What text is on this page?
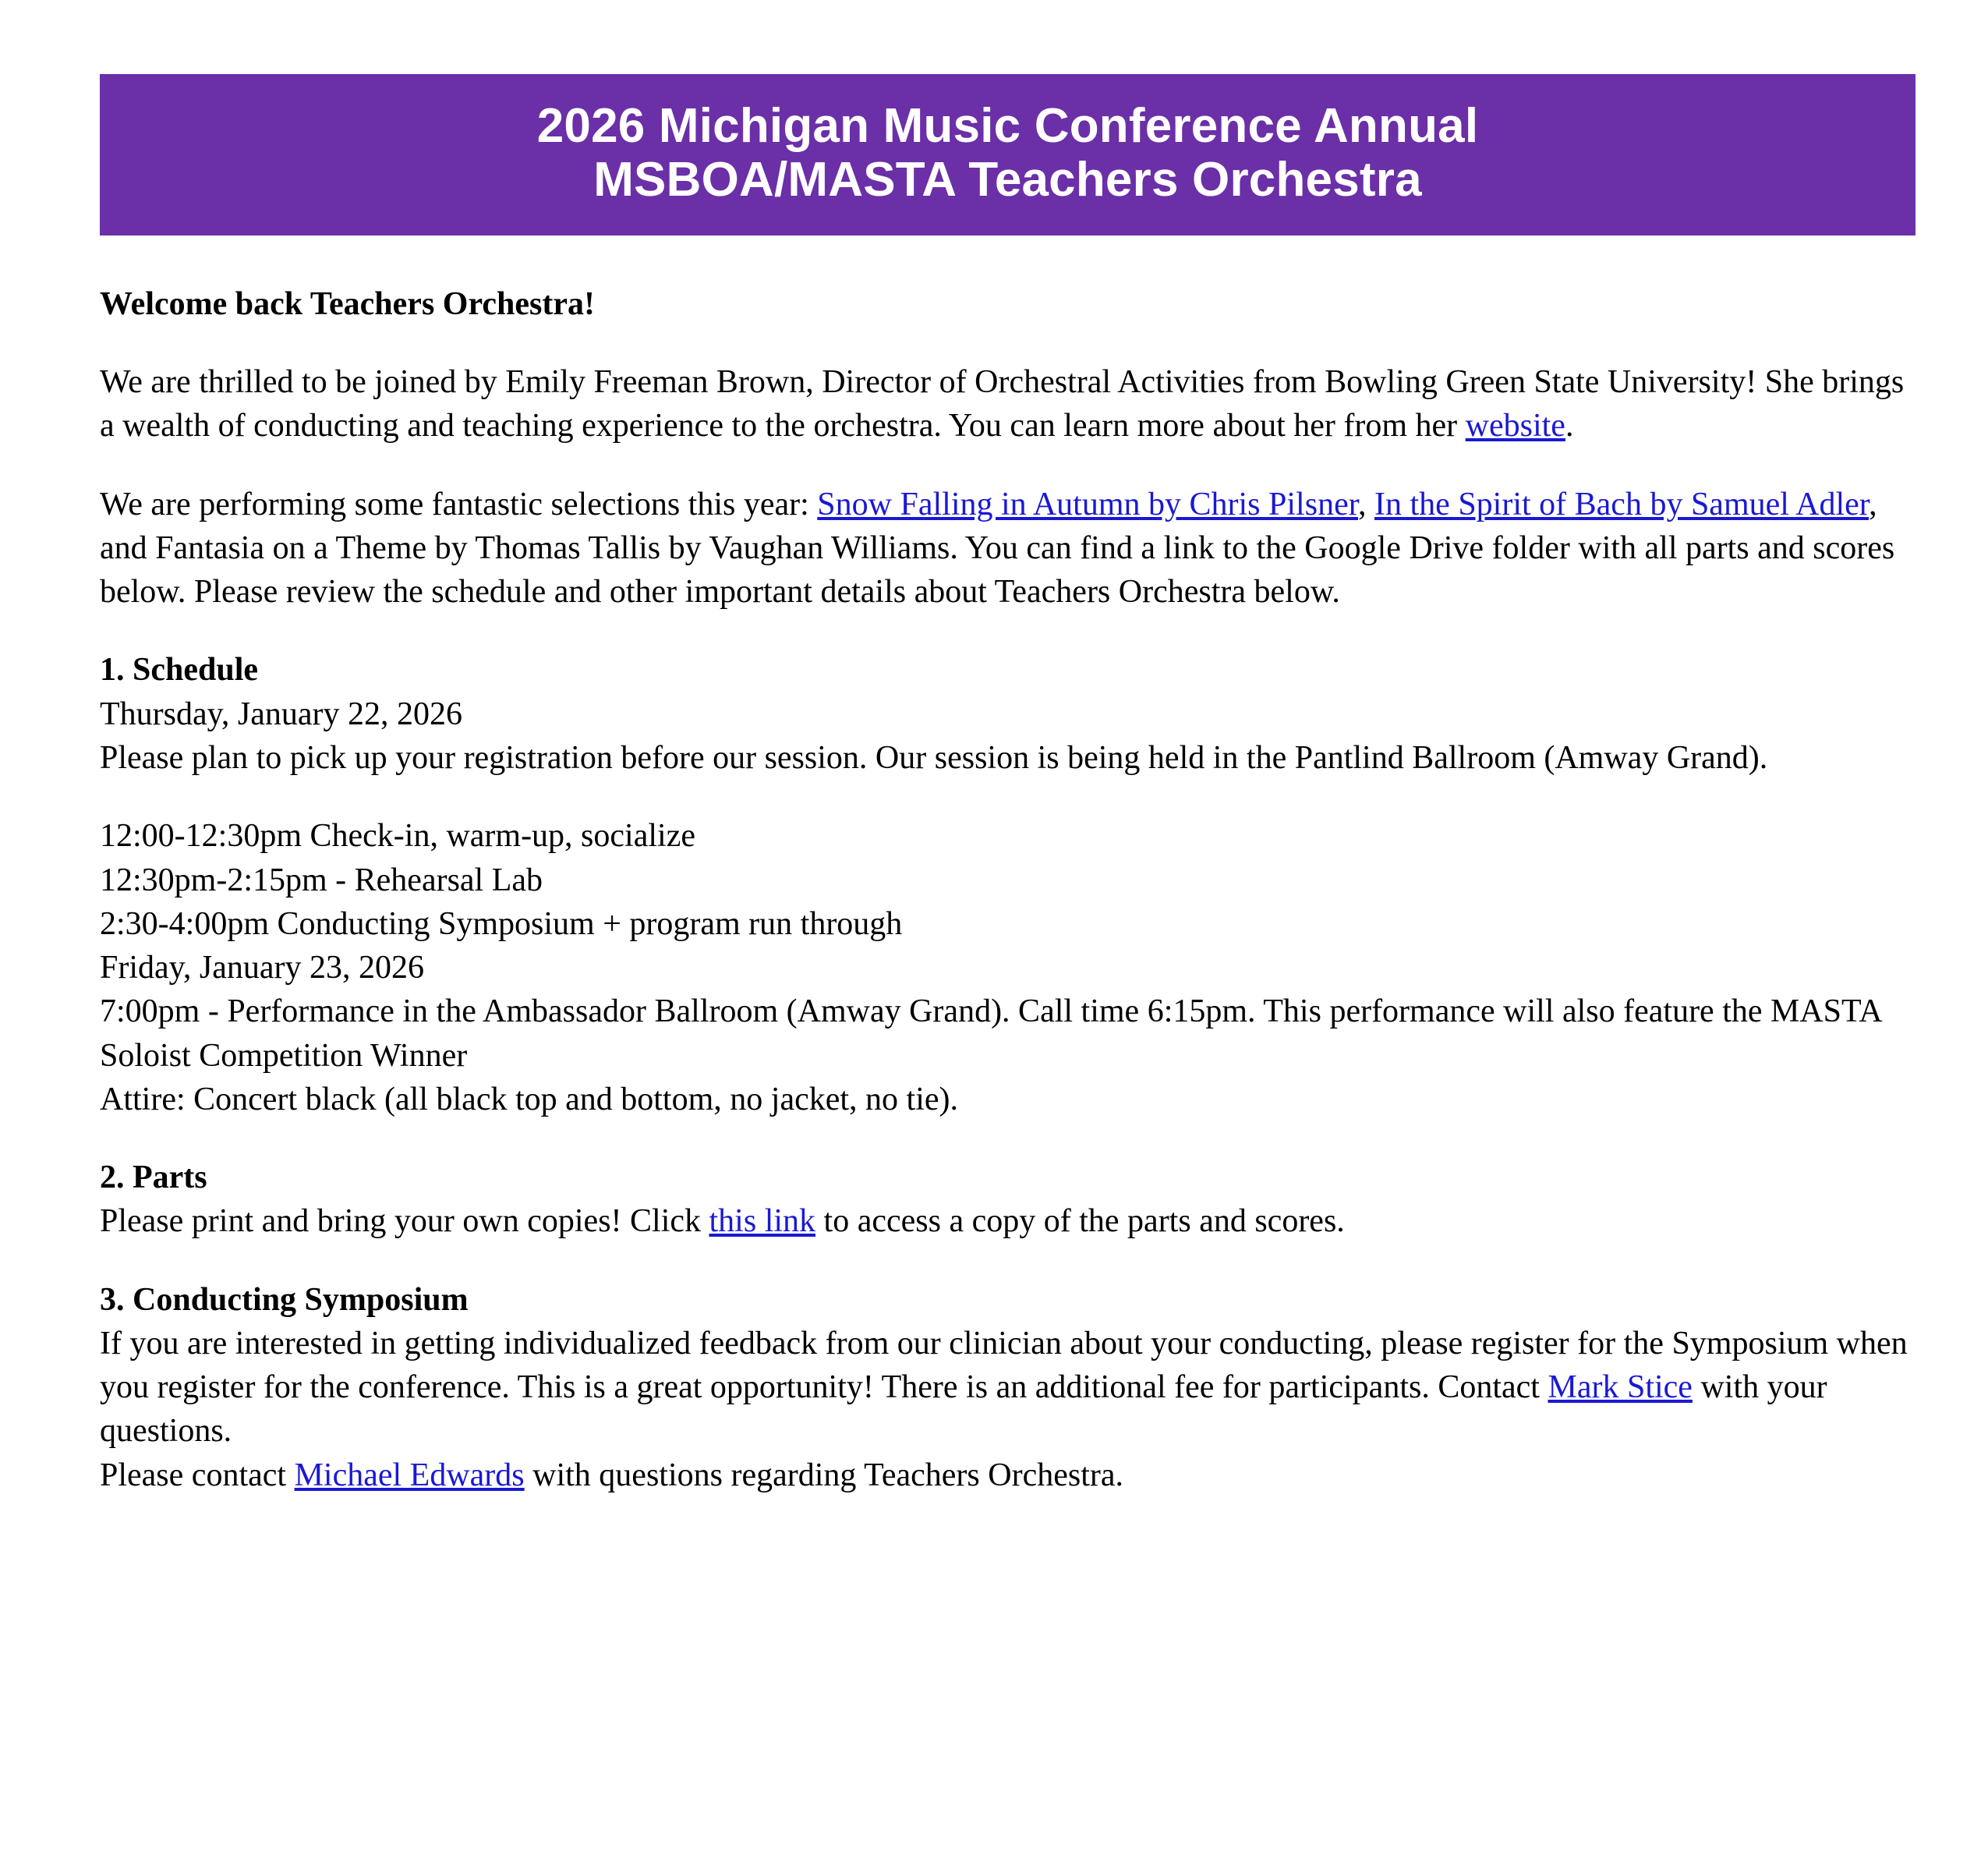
2026 Michigan Music Conference Annual
MSBOA/MASTA Teachers Orchestra

Welcome back Teachers Orchestra!

We are thrilled to be joined by Emily Freeman Brown, Director of Orchestral Activities from Bowling Green State University! She brings a wealth of conducting and teaching experience to the orchestra. You can learn more about her from her website.

We are performing some fantastic selections this year: Snow Falling in Autumn by Chris Pilsner, In the Spirit of Bach by Samuel Adler, and Fantasia on a Theme by Thomas Tallis by Vaughan Williams. You can find a link to the Google Drive folder with all parts and scores below. Please review the schedule and other important details about Teachers Orchestra below.

1. Schedule

Thursday, January 22, 2026

Please plan to pick up your registration before our session. Our session is being held in the Pantlind Ballroom (Amway Grand).

12:00-12:30pm Check-in, warm-up, socialize

12:30pm-2:15pm - Rehearsal Lab

2:30-4:00pm Conducting Symposium + program run through

Friday, January 23, 2026

7:00pm - Performance in the Ambassador Ballroom (Amway Grand). Call time 6:15pm. This performance will also feature the MASTA Soloist Competition Winner

Attire: Concert black (all black top and bottom, no jacket, no tie).

2. Parts

Please print and bring your own copies! Click this link to access a copy of the parts and scores.

3. Conducting Symposium

If you are interested in getting individualized feedback from our clinician about your conducting, please register for the Symposium when you register for the conference. This is a great opportunity! There is an additional fee for participants. Contact Mark Stice with your questions.

Please contact Michael Edwards with questions regarding Teachers Orchestra.
